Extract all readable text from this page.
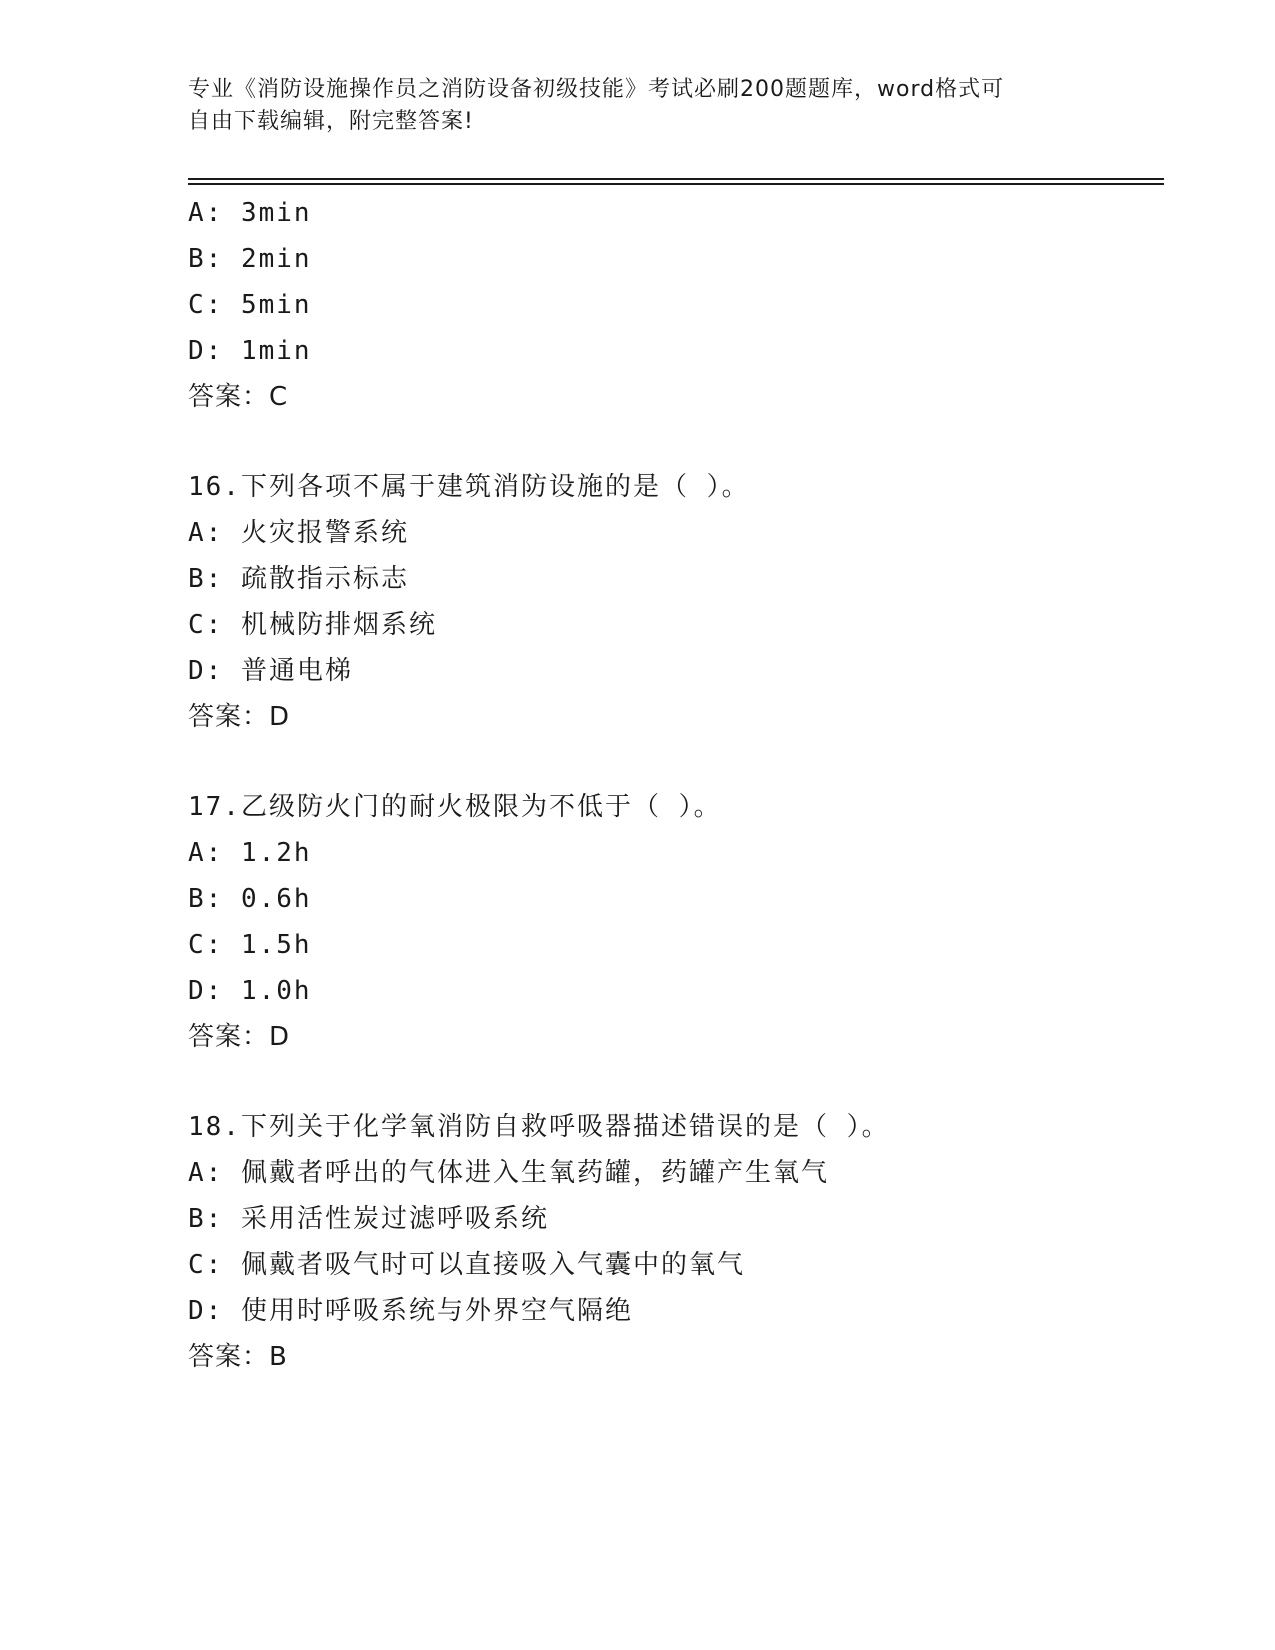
专业《消防设施操作员之消防设备初级技能》考试必刷200题题库，word格式可
自由下载编辑，附完整答案!
A: 3min
B: 2min
C: 5min
D: 1min
答案：C
16.下列各项不属于建筑消防设施的是（ ）。
A: 火灾报警系统
B: 疏散指示标志
C: 机械防排烟系统
D: 普通电梯
答案：D
17.乙级防火门的耐火极限为不低于（ ）。
A: 1.2h
B: 0.6h
C: 1.5h
D: 1.0h
答案：D
18.下列关于化学氧消防自救呼吸器描述错误的是（ ）。
A: 佩戴者呼出的气体进入生氧药罐，药罐产生氧气
B: 采用活性炭过滤呼吸系统
C: 佩戴者吸气时可以直接吸入气囊中的氧气
D: 使用时呼吸系统与外界空气隔绝
答案：B
